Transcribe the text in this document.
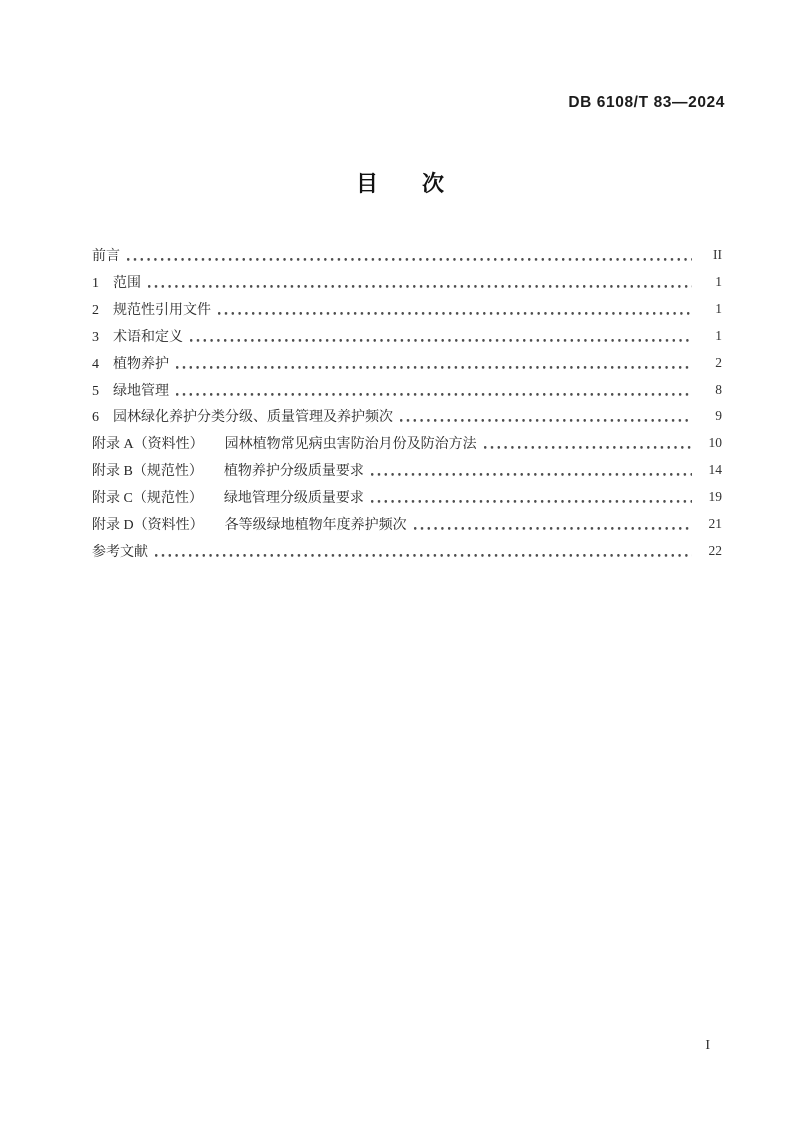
DB 6108/T 83—2024
目　　次
前言	II
1　范围	1
2　规范性引用文件	1
3　术语和定义	1
4　植物养护	2
5　绿地管理	8
6　园林绿化养护分类分级、质量管理及养护频次	9
附录 A（资料性）　　园林植物常见病虫害防治月份及防治方法	10
附录 B（规范性）　　植物养护分级质量要求	14
附录 C（规范性）　　绿地管理分级质量要求	19
附录 D（资料性）　　各等级绿地植物年度养护频次	21
参考文献	22
I
